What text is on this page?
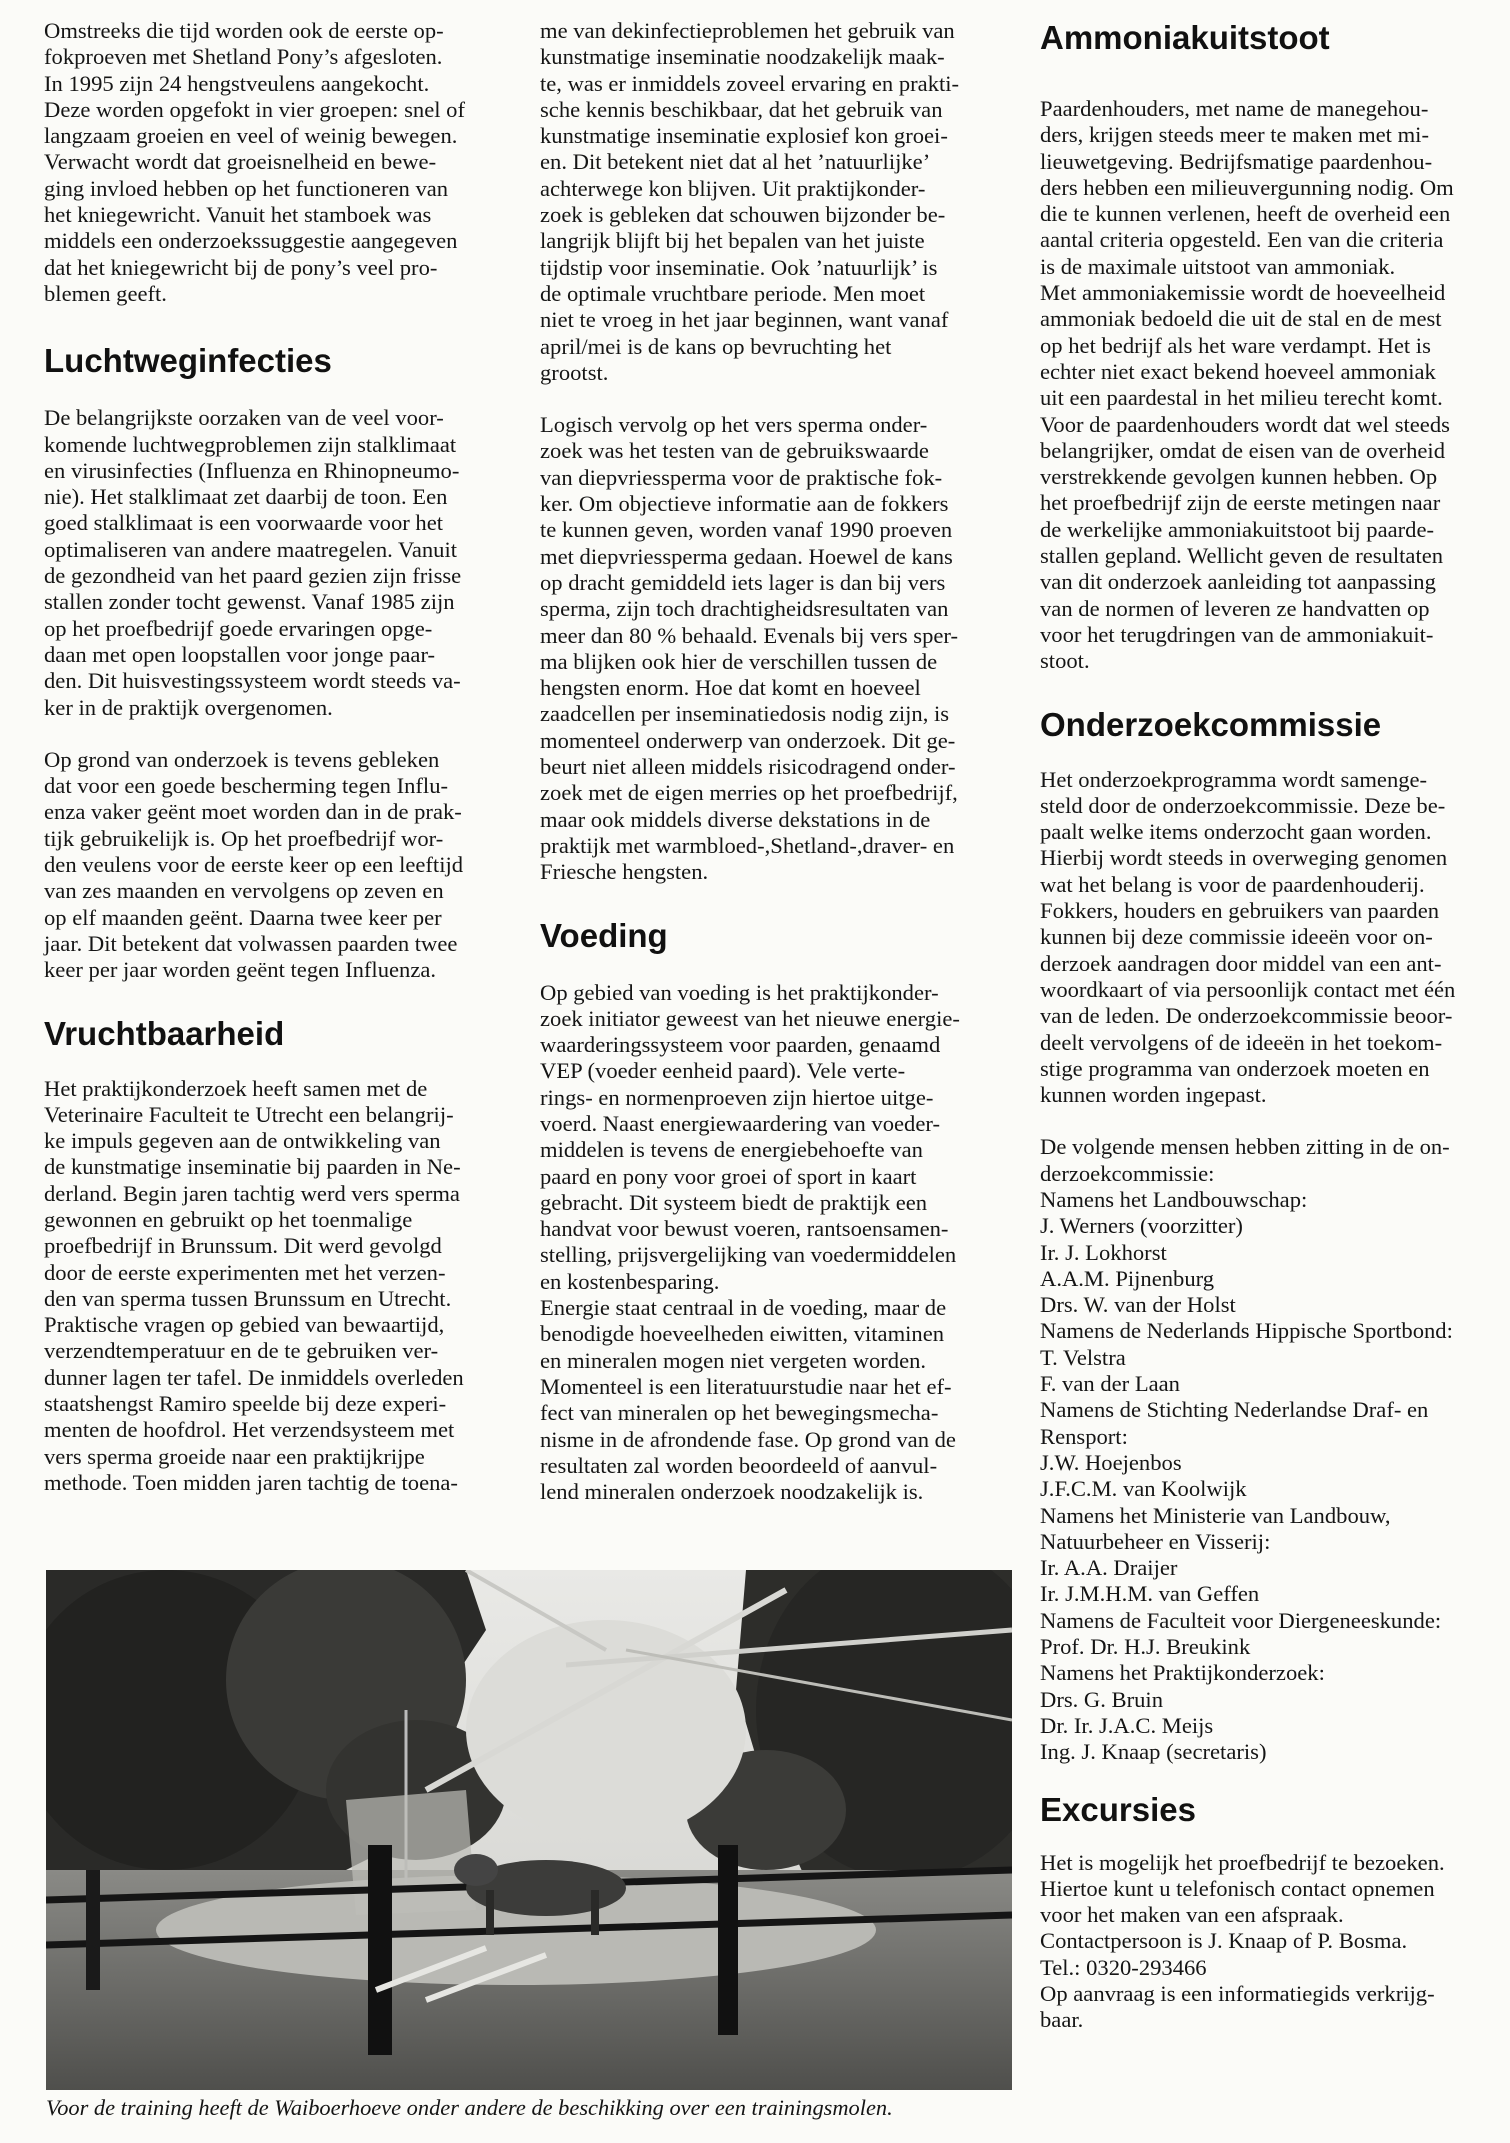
Omstreeks die tijd worden ook de eerste op-
fokproeven met Shetland Pony’s afgesloten.
In 1995 zijn 24 hengstveulens aangekocht.
Deze worden opgefokt in vier groepen: snel of
langzaam groeien en veel of weinig bewegen.
Verwacht wordt dat groeisnelheid en bewe-
ging invloed hebben op het functioneren van
het kniegewricht. Vanuit het stamboek was
middels een onderzoekssuggestie aangegeven
dat het kniegewricht bij de pony’s veel pro-
blemen geeft.

Luchtweginfecties

De belangrijkste oorzaken van de veel voor-
komende luchtwegproblemen zijn stalklimaat
en virusinfecties (Influenza en Rhinopneumo-
nie). Het stalklimaat zet daarbij de toon. Een
goed stalklimaat is een voorwaarde voor het
optimaliseren van andere maatregelen. Vanuit
de gezondheid van het paard gezien zijn frisse
stallen zonder tocht gewenst. Vanaf 1985 zijn
op het proefbedrijf goede ervaringen opge-
daan met open loopstallen voor jonge paar-
den. Dit huisvestingssysteem wordt steeds va-
ker in de praktijk overgenomen.

Op grond van onderzoek is tevens gebleken
dat voor een goede bescherming tegen Influ-
enza vaker geënt moet worden dan in de prak-
tijk gebruikelijk is. Op het proefbedrijf wor-
den veulens voor de eerste keer op een leeftijd
van zes maanden en vervolgens op zeven en
op elf maanden geënt. Daarna twee keer per
jaar. Dit betekent dat volwassen paarden twee
keer per jaar worden geënt tegen Influenza.

Vruchtbaarheid

Het praktijkonderzoek heeft samen met de
Veterinaire Faculteit te Utrecht een belangrij-
ke impuls gegeven aan de ontwikkeling van
de kunstmatige inseminatie bij paarden in Ne-
derland. Begin jaren tachtig werd vers sperma
gewonnen en gebruikt op het toenmalige
proefbedrijf in Brunssum. Dit werd gevolgd
door de eerste experimenten met het verzen-
den van sperma tussen Brunssum en Utrecht.
Praktische vragen op gebied van bewaartijd,
verzendtemperatuur en de te gebruiken ver-
dunner lagen ter tafel. De inmiddels overleden
staatshengst Ramiro speelde bij deze experi-
menten de hoofdrol. Het verzendsysteem met
vers sperma groeide naar een praktijkrijpe
methode. Toen midden jaren tachtig de toena-

me van dekinfectieproblemen het gebruik van
kunstmatige inseminatie noodzakelijk maak-
te, was er inmiddels zoveel ervaring en prakti-
sche kennis beschikbaar, dat het gebruik van
kunstmatige inseminatie explosief kon groei-
en. Dit betekent niet dat al het ’natuurlijke’
achterwege kon blijven. Uit praktijkonder-
zoek is gebleken dat schouwen bijzonder be-
langrijk blijft bij het bepalen van het juiste
tijdstip voor inseminatie. Ook ’natuurlijk’ is
de optimale vruchtbare periode. Men moet
niet te vroeg in het jaar beginnen, want vanaf
april/mei is de kans op bevruchting het
grootst.

Logisch vervolg op het vers sperma onder-
zoek was het testen van de gebruikswaarde
van diepvriessperma voor de praktische fok-
ker. Om objectieve informatie aan de fokkers
te kunnen geven, worden vanaf 1990 proeven
met diepvriessperma gedaan. Hoewel de kans
op dracht gemiddeld iets lager is dan bij vers
sperma, zijn toch drachtigheidsresultaten van
meer dan 80 % behaald. Evenals bij vers sper-
ma blijken ook hier de verschillen tussen de
hengsten enorm. Hoe dat komt en hoeveel
zaadcellen per inseminatiedosis nodig zijn, is
momenteel onderwerp van onderzoek. Dit ge-
beurt niet alleen middels risicodragend onder-
zoek met de eigen merries op het proefbedrijf,
maar ook middels diverse dekstations in de
praktijk met warmbloed-,Shetland-,draver- en
Friesche hengsten.

Voeding

Op gebied van voeding is het praktijkonder-
zoek initiator geweest van het nieuwe energie-
waarderingssysteem voor paarden, genaamd
VEP (voeder eenheid paard). Vele verte-
rings- en normenproeven zijn hiertoe uitge-
voerd. Naast energiewaardering van voeder-
middelen is tevens de energiebehoefte van
paard en pony voor groei of sport in kaart
gebracht. Dit systeem biedt de praktijk een
handvat voor bewust voeren, rantsoensamen-
stelling, prijsvergelijking van voedermiddelen
en kostenbesparing.

Energie staat centraal in de voeding, maar de
benodigde hoeveelheden eiwitten, vitaminen
en mineralen mogen niet vergeten worden.
Momenteel is een literatuurstudie naar het ef-
fect van mineralen op het bewegingsmecha-
nisme in de afrondende fase. Op grond van de
resultaten zal worden beoordeeld of aanvul-
lend mineralen onderzoek noodzakelijk is.

Ammoniakuitstoot

Paardenhouders, met name de manegehou-
ders, krijgen steeds meer te maken met mi-
lieuwetgeving. Bedrijfsmatige paardenhou-
ders hebben een milieuvergunning nodig. Om
die te kunnen verlenen, heeft de overheid een
aantal criteria opgesteld. Een van die criteria
is de maximale uitstoot van ammoniak.

Met ammoniakemissie wordt de hoeveelheid
ammoniak bedoeld die uit de stal en de mest
op het bedrijf als het ware verdampt. Het is
echter niet exact bekend hoeveel ammoniak
uit een paardestal in het milieu terecht komt.
Voor de paardenhouders wordt dat wel steeds
belangrijker, omdat de eisen van de overheid
verstrekkende gevolgen kunnen hebben. Op
het proefbedrijf zijn de eerste metingen naar
de werkelijke ammoniakuitstoot bij paarde-
stallen gepland. Wellicht geven de resultaten
van dit onderzoek aanleiding tot aanpassing
van de normen of leveren ze handvatten op
voor het terugdringen van de ammoniakuit-
stoot.

Onderzoekcommissie

Het onderzoekprogramma wordt samenge-
steld door de onderzoekcommissie. Deze be-
paalt welke items onderzocht gaan worden.
Hierbij wordt steeds in overweging genomen
wat het belang is voor de paardenhouderij.
Fokkers, houders en gebruikers van paarden
kunnen bij deze commissie ideeën voor on-
derzoek aandragen door middel van een ant-
woordkaart of via persoonlijk contact met één
van de leden. De onderzoekcommissie beoor-
deelt vervolgens of de ideeën in het toekom-
stige programma van onderzoek moeten en
kunnen worden ingepast.

De volgende mensen hebben zitting in de on-
derzoekcommissie:

Namens het Landbouwschap:
J. Werners (voorzitter)
Ir. J. Lokhorst
A.A.M. Pijnenburg
Drs. W. van der Holst
Namens de Nederlands Hippische Sportbond:
T. Velstra
F. van der Laan
Namens de Stichting Nederlandse Draf- en Rensport:
J.W. Hoejenbos
J.F.C.M. van Koolwijk
Namens het Ministerie van Landbouw, Natuurbeheer en Visserij:
Ir. A.A. Draijer
Ir. J.M.H.M. van Geffen
Namens de Faculteit voor Diergeneeskunde:
Prof. Dr. H.J. Breukink
Namens het Praktijkonderzoek:
Drs. G. Bruin
Dr. Ir. J.A.C. Meijs
Ing. J. Knaap (secretaris)
Excursies

Het is mogelijk het proefbedrijf te bezoeken.
Hiertoe kunt u telefonisch contact opnemen
voor het maken van een afspraak.
Contactpersoon is J. Knaap of P. Bosma.
Tel.: 0320-293466
Op aanvraag is een informatiegids verkrijg-
baar.

Voor de training heeft de Waiboerhoeve onder andere de beschikking over een trainingsmolen.
